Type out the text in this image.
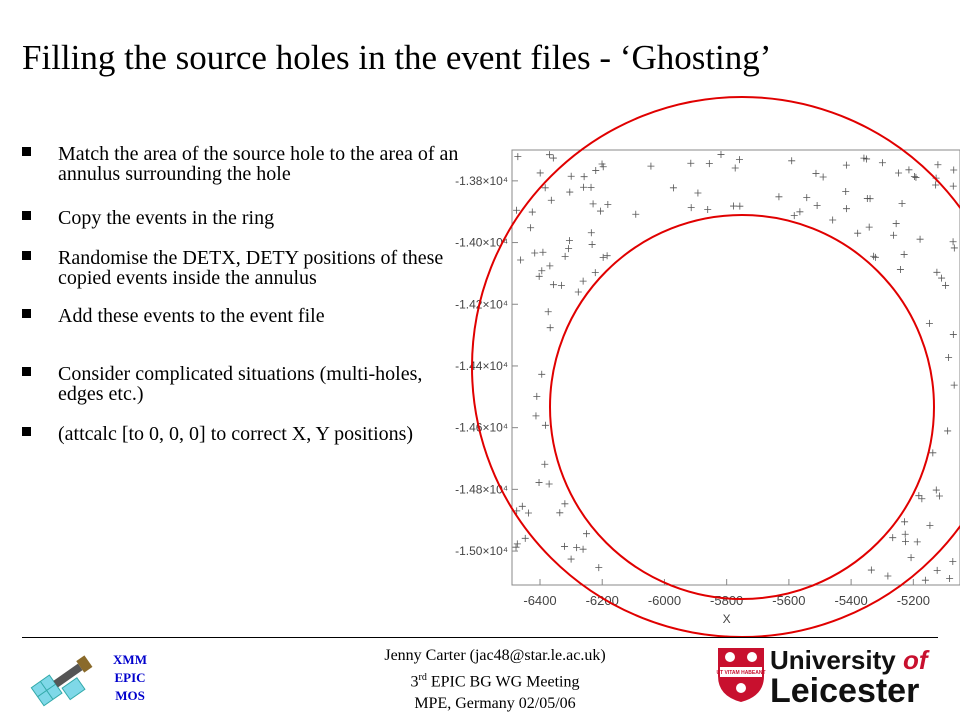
Filling the source holes in the event files - ‘Ghosting’
Match the area of the source hole to the area of an annulus surrounding the hole
Copy the events in the ring
Randomise the DETX, DETY positions of these copied events inside the annulus
Add these events to the event file
Consider complicated situations (multi-holes, edges etc.)
(attcalc [to 0, 0, 0] to correct X, Y positions)
-6400 -6200 -6000 -5800 -5600 -5400 -5200
-1.38×10⁴
-1.40×10⁴
-1.42×10⁴
-1.44×10⁴
-1.46×10⁴
-1.48×10⁴
-1.50×10⁴
X
XMM
EPIC
MOS
Jenny Carter (jac48@star.le.ac.uk)
3rd EPIC BG WG Meeting
MPE, Germany 02/05/06
UT VITAM HABEANT University of
Leicester
